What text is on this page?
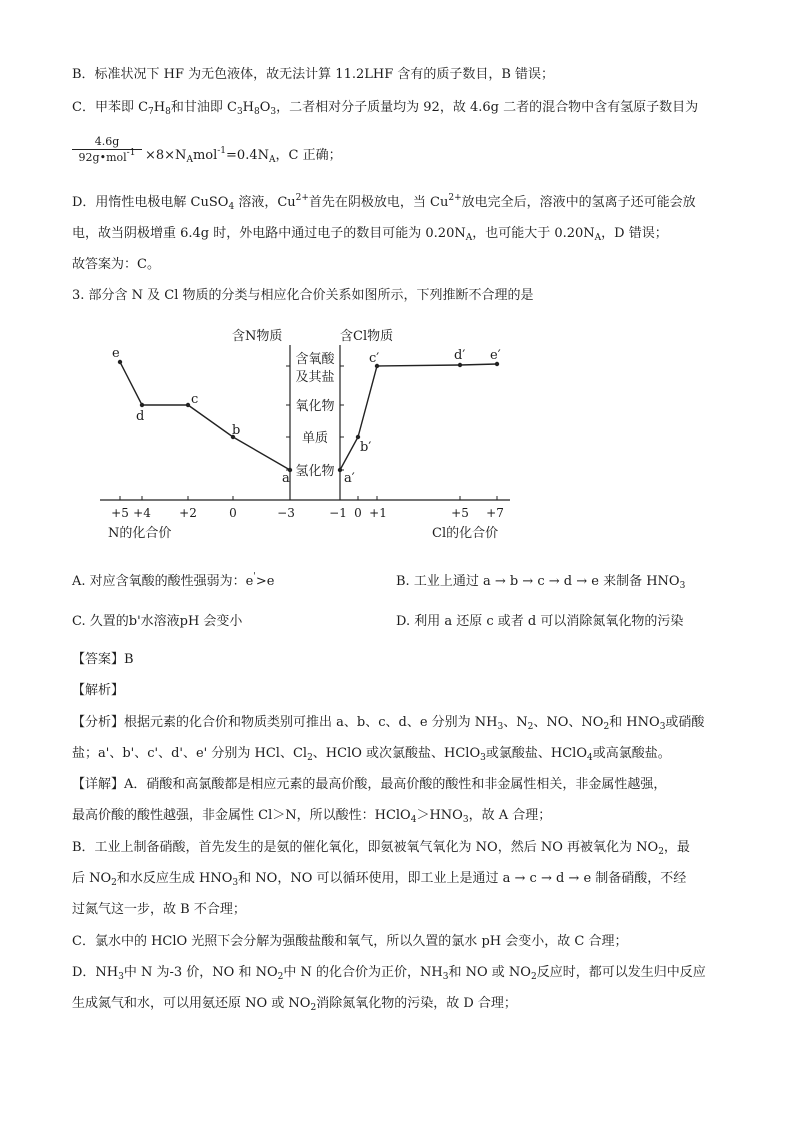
B．标准状况下 HF 为无色液体，故无法计算 11.2LHF 含有的质子数目，B 错误；
C．甲苯即 $C_7H_8$和甘油即 $C_3H_8O_3$，二者相对分子质量均为 92，故 4.6g 二者的混合物中含有氢原子数目为
4.6g
92g•mol$^{-1}$ $\times 8\times N_Amol^{-1}=0.4N_A$，C 正确；
D．用惰性电极电解 CuSO$_4$ 溶液，$Cu^{2+}$首先在阴极放电，当 $Cu^{2+}$放电完全后，溶液中的氢离子还可能会放
电，故当阴极增重 6.4g 时，外电路中通过电子的数目可能为 $0.20N_A$，也可能大于 $0.20N_A$，D 错误；
故答案为：C。
3. 部分含 N 及 Cl 物质的分类与相应化合价关系如图所示，下列推断不合理的是
含N物质	含Cl物质
含氧酸
及其盐
氧化物
单质
氢化物
+5 +4 +2	0	−3	−1 0 +1	+5 +7
N的化合价	Cl的化合价
e
d
c
b
a
c′	d′ e′
b′
a′
A. 对应含氧酸的酸性强弱为：e'>e	B. 工业上通过 a → b → c → d → e 来制备 $HNO_3$
C. 久置的b'水溶液pH 会变小	D. 利用 a 还原 c 或者 d 可以消除氮氧化物的污染
【答案】B
【解析】
【分析】根据元素的化合价和物质类别可推出 a、b、c、d、e 分别为 $NH_3$、$N_2$、NO、$NO_2$和 $HNO_3$或硝酸
盐；a'、b'、c'、d'、e' 分别为 HCl、$Cl_2$、HClO 或次氯酸盐、HClO$_3$或氯酸盐、HClO$_4$或高氯酸盐。
【详解】A．硝酸和高氯酸都是相应元素的最高价酸，最高价酸的酸性和非金属性相关，非金属性越强，
最高价酸的酸性越强，非金属性 Cl＞N，所以酸性：$HClO_4>HNO_3$，故 A 合理；
B．工业上制备硝酸，首先发生的是氨的催化氧化，即氨被氧气氧化为 NO，然后 NO 再被氧化为 $NO_2$，最
后 $NO_2$和水反应生成 $HNO_3$和 NO，NO 可以循环使用，即工业上是通过 a → c → d → e 制备硝酸，不经
过氮气这一步，故 B 不合理；
C．氯水中的 HClO 光照下会分解为强酸盐酸和氧气，所以久置的氯水 pH 会变小，故 C 合理；
D．$NH_3$中 N 为-3 价，NO 和 $NO_2$中 N 的化合价为正价，$NH_3$和 NO 或 $NO_2$反应时，都可以发生归中反应
生成氮气和水，可以用氨还原 NO 或 $NO_2$消除氮氧化物的污染，故 D 合理；
